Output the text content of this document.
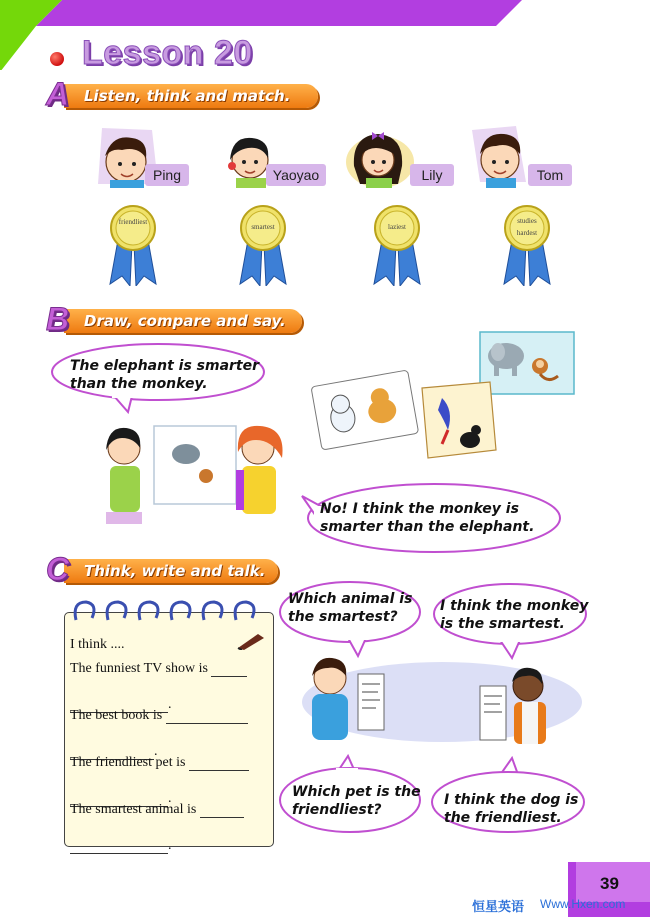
Lesson 20
A Listen, think and match.
Ping	Yaoyao	Lily	Tom
friendliest
smartest	laziest
studies
hardest
B Draw, compare and say.
The elephant is smarter
than the monkey.
No! I think the monkey is
smarter than the elephant.
C Think, write and talk.
I think ....
The funniest TV show is
.
The best book is
.
The friendliest pet is
.
The smartest animal is
.
Which animal is
the smartest?
I think the monkey
is the smartest.
Which pet is the
friendliest?
I think the dog is
the friendliest.
39
恒星英语 Www.Hxen.com
